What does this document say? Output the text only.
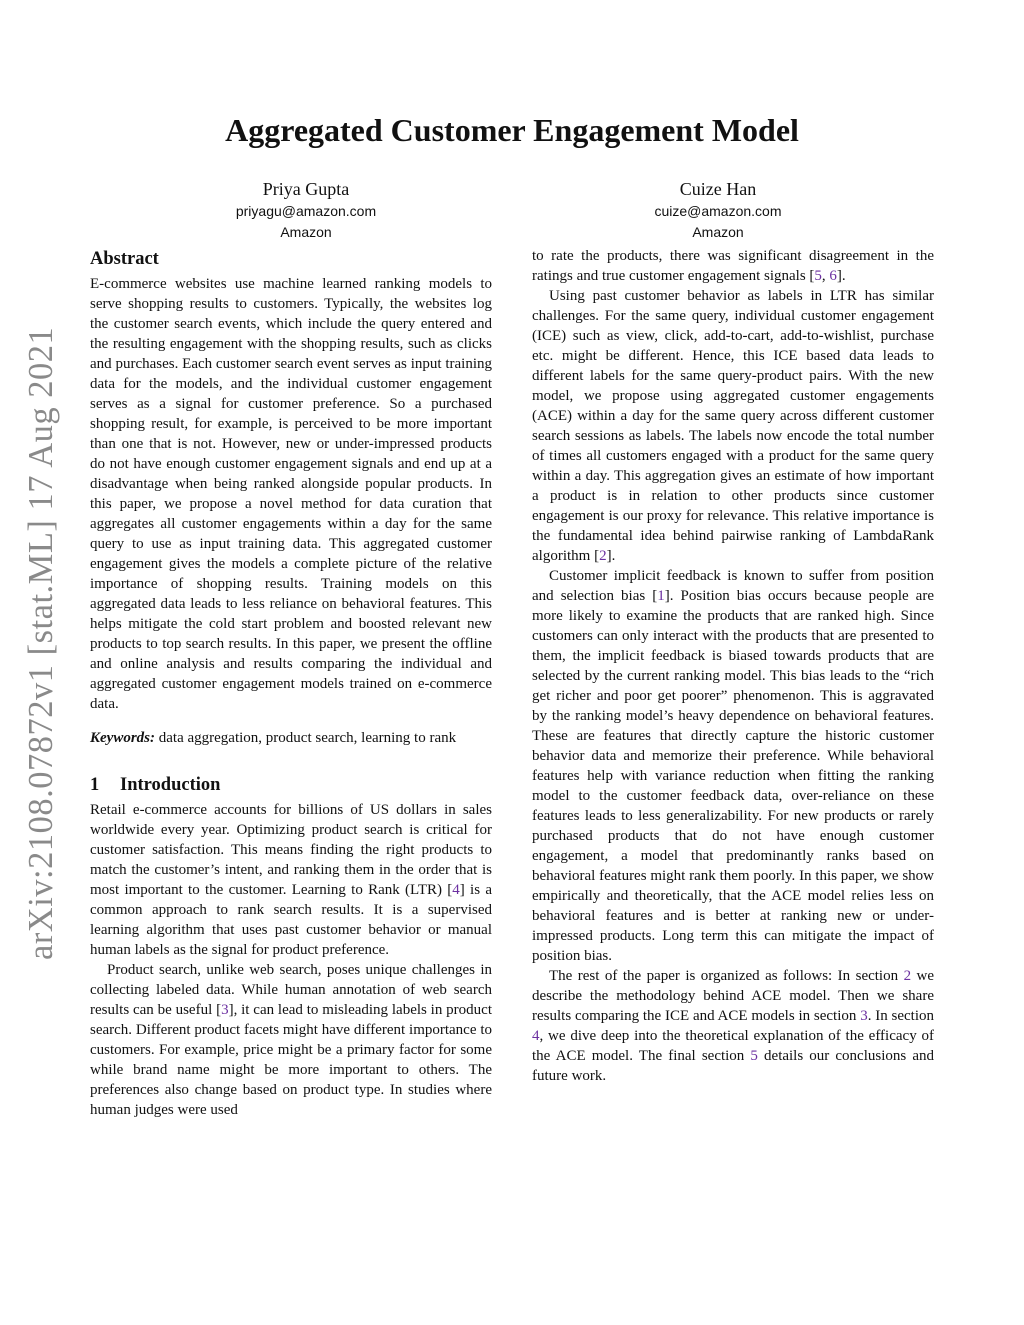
arXiv:2108.07872v1 [stat.ML] 17 Aug 2021
Aggregated Customer Engagement Model
Priya Gupta
priyagu@amazon.com
Amazon
Cuize Han
cuize@amazon.com
Amazon
Abstract

E-commerce websites use machine learned ranking models to serve shopping results to customers. Typically, the websites log the customer search events, which include the query entered and the resulting engagement with the shopping results, such as clicks and purchases. Each customer search event serves as input training data for the models, and the individual customer engagement serves as a signal for customer preference. So a purchased shopping result, for example, is perceived to be more important than one that is not. However, new or under-impressed products do not have enough customer engagement signals and end up at a disadvantage when being ranked alongside popular products. In this paper, we propose a novel method for data curation that aggregates all customer engagements within a day for the same query to use as input training data. This aggregated customer engagement gives the models a complete picture of the relative importance of shopping results. Training models on this aggregated data leads to less reliance on behavioral features. This helps mitigate the cold start problem and boosted relevant new products to top search results. In this paper, we present the offline and online analysis and results comparing the individual and aggregated customer engagement models trained on e-commerce data.

Keywords: data aggregation, product search, learning to rank

1 Introduction

Retail e-commerce accounts for billions of US dollars in sales worldwide every year. Optimizing product search is critical for customer satisfaction. This means finding the right products to match the customer’s intent, and ranking them in the order that is most important to the customer. Learning to Rank (LTR) [4] is a common approach to rank search results. It is a supervised learning algorithm that uses past customer behavior or manual human labels as the signal for product preference.

Product search, unlike web search, poses unique challenges in collecting labeled data. While human annotation of web search results can be useful [3], it can lead to misleading labels in product search. Different product facets might have different importance to customers. For example, price might be a primary factor for some while brand name might be more important to others. The preferences also change based on product type. In studies where human judges were used

to rate the products, there was significant disagreement in the ratings and true customer engagement signals [5, 6].

Using past customer behavior as labels in LTR has similar challenges. For the same query, individual customer engagement (ICE) such as view, click, add-to-cart, add-to-wishlist, purchase etc. might be different. Hence, this ICE based data leads to different labels for the same query-product pairs. With the new model, we propose using aggregated customer engagements (ACE) within a day for the same query across different customer search sessions as labels. The labels now encode the total number of times all customers engaged with a product for the same query within a day. This aggregation gives an estimate of how important a product is in relation to other products since customer engagement is our proxy for relevance. This relative importance is the fundamental idea behind pairwise ranking of LambdaRank algorithm [2].

Customer implicit feedback is known to suffer from position and selection bias [1]. Position bias occurs because people are more likely to examine the products that are ranked high. Since customers can only interact with the products that are presented to them, the implicit feedback is biased towards products that are selected by the current ranking model. This bias leads to the “rich get richer and poor get poorer” phenomenon. This is aggravated by the ranking model’s heavy dependence on behavioral features. These are features that directly capture the historic customer behavior data and memorize their preference. While behavioral features help with variance reduction when fitting the ranking model to the customer feedback data, over-reliance on these features leads to less generalizability. For new products or rarely purchased products that do not have enough customer engagement, a model that predominantly ranks based on behavioral features might rank them poorly. In this paper, we show empirically and theoretically, that the ACE model relies less on behavioral features and is better at ranking new or under-impressed products. Long term this can mitigate the impact of position bias.

The rest of the paper is organized as follows: In section 2 we describe the methodology behind ACE model. Then we share results comparing the ICE and ACE models in section 3. In section 4, we dive deep into the theoretical explanation of the efficacy of the ACE model. The final section 5 details our conclusions and future work.
